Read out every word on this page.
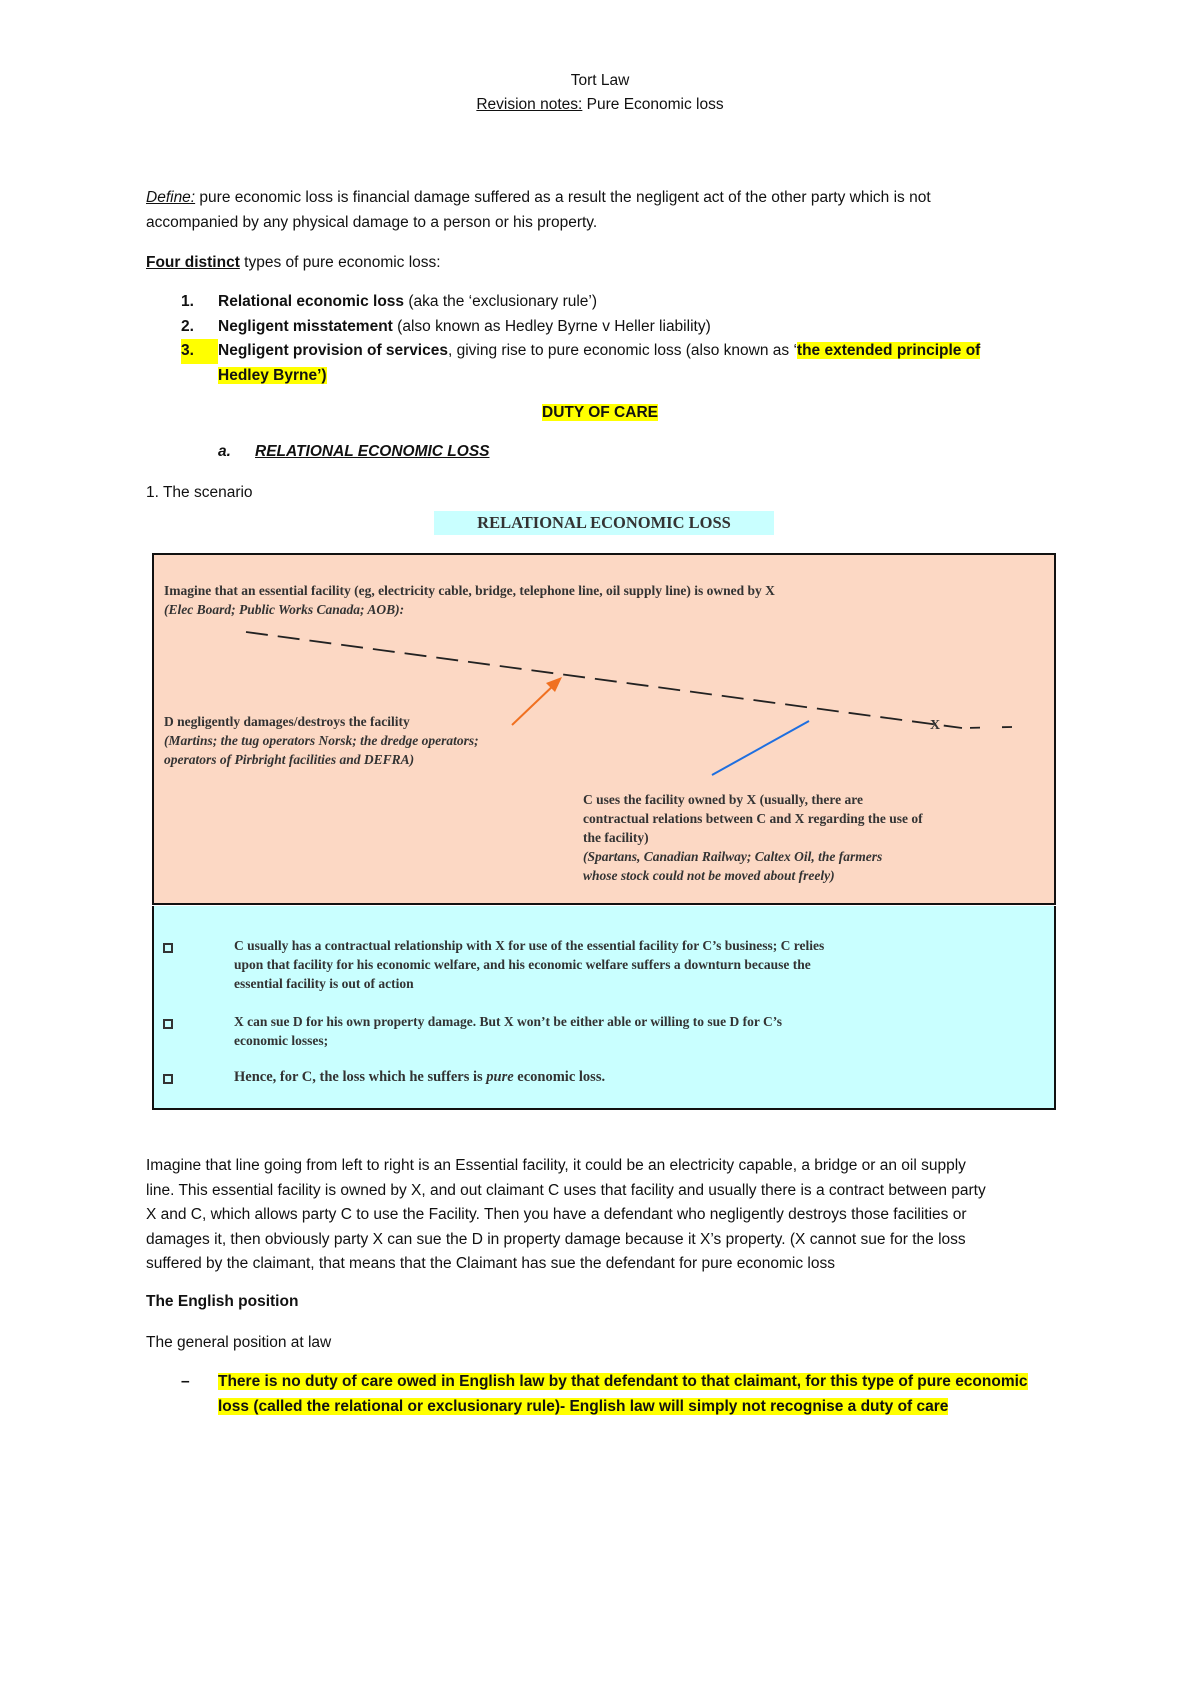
Tort Law
Revision notes: Pure Economic loss
Define: pure economic loss is financial damage suffered as a result the negligent act of the other party which is not
accompanied by any physical damage to a person or his property.
Four distinct types of pure economic loss:
1. Relational economic loss (aka the ‘exclusionary rule’)
2. Negligent misstatement (also known as Hedley Byrne v Heller liability)
3. Negligent provision of services, giving rise to pure economic loss (also known as ‘the extended principle of
Hedley Byrne’)
DUTY OF CARE
a. RELATIONAL ECONOMIC LOSS
1. The scenario
RELATIONAL ECONOMIC LOSS
Imagine that an essential facility (eg, electricity cable, bridge, telephone line, oil supply line) is owned by X
(Elec Board; Public Works Canada; AOB):
X
D negligently damages/destroys the facility
(Martins; the tug operators Norsk; the dredge operators;
operators of Pirbright facilities and DEFRA)
C uses the facility owned by X (usually, there are
contractual relations between C and X regarding the use of
the facility)
(Spartans, Canadian Railway; Caltex Oil, the farmers
whose stock could not be moved about freely)
C usually has a contractual relationship with X for use of the essential facility for C’s business; C relies
upon that facility for his economic welfare, and his economic welfare suffers a downturn because the
essential facility is out of action
X can sue D for his own property damage. But X won’t be either able or willing to sue D for C’s
economic losses;
Hence, for C, the loss which he suffers is pure economic loss.
Imagine that line going from left to right is an Essential facility, it could be an electricity capable, a bridge or an oil supply
line. This essential facility is owned by X, and out claimant C uses that facility and usually there is a contract between party
X and C, which allows party C to use the Facility. Then you have a defendant who negligently destroys those facilities or
damages it, then obviously party X can sue the D in property damage because it X’s property. (X cannot sue for the loss
suffered by the claimant, that means that the Claimant has sue the defendant for pure economic loss
The English position
The general position at law
– There is no duty of care owed in English law by that defendant to that claimant, for this type of pure economic
loss (called the relational or exclusionary rule)- English law will simply not recognise a duty of care
